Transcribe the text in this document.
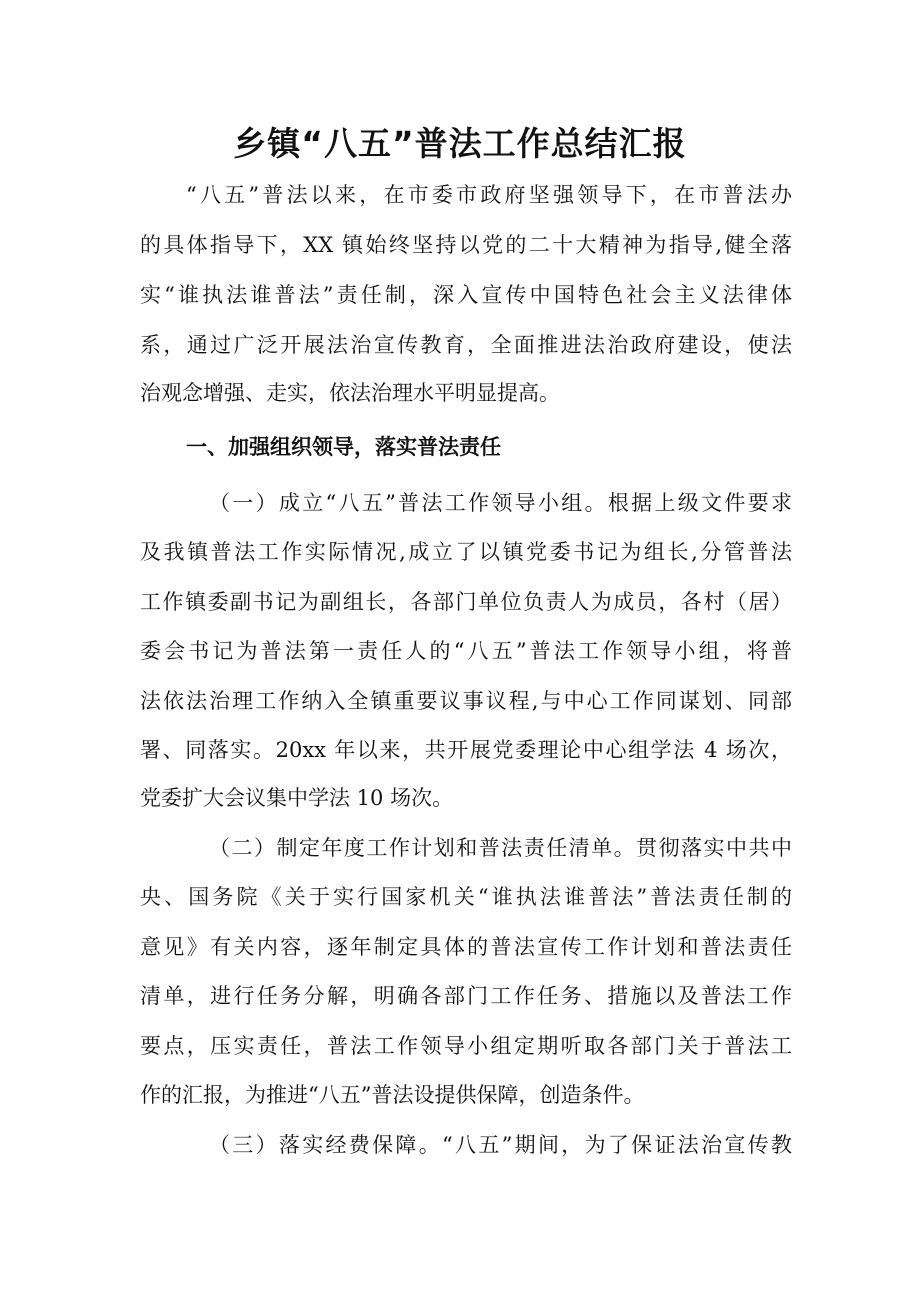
乡镇“八五”普法工作总结汇报
“八五”普法以来，在市委市政府坚强领导下，在市普法办
的具体指导下，XX 镇始终坚持以党的二十大精神为指导,健全落
实“谁执法谁普法”责任制，深入宣传中国特色社会主义法律体
系，通过广泛开展法治宣传教育，全面推进法治政府建设，使法
治观念增强、走实，依法治理水平明显提高。
一、加强组织领导，落实普法责任
（一）成立“八五”普法工作领导小组。根据上级文件要求
及我镇普法工作实际情况,成立了以镇党委书记为组长,分管普法
工作镇委副书记为副组长，各部门单位负责人为成员，各村（居）
委会书记为普法第一责任人的“八五”普法工作领导小组，将普
法依法治理工作纳入全镇重要议事议程,与中心工作同谋划、同部
署、同落实。20xx 年以来，共开展党委理论中心组学法 4 场次，
党委扩大会议集中学法 10 场次。
（二）制定年度工作计划和普法责任清单。贯彻落实中共中
央、国务院《关于实行国家机关“谁执法谁普法”普法责任制的
意见》有关内容，逐年制定具体的普法宣传工作计划和普法责任
清单，进行任务分解，明确各部门工作任务、措施以及普法工作
要点，压实责任，普法工作领导小组定期听取各部门关于普法工
作的汇报，为推进“八五”普法设提供保障，创造条件。
（三）落实经费保障。“八五”期间，为了保证法治宣传教
